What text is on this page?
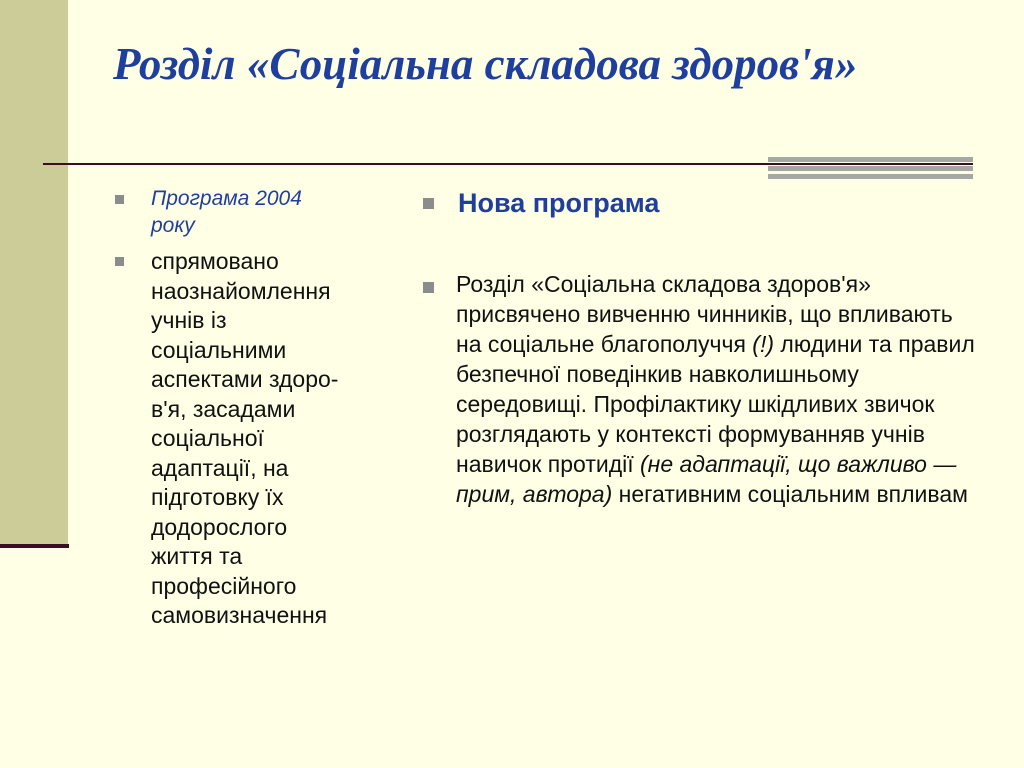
Розділ «Соціальна складова здоров'я»
Програма 2004 року
спрямовано
наознайомлення
учнів із
соціальними
аспектами здоро-
в'я, засадами
соціальної
адаптації, на
підготовку їх
додорослого
життя та
професійного
самовизначення
Нова програма
Розділ «Соціальна складова здоров'я» присвячено вивченню чинників, що впливають на соціальне благополуччя (!) людини та правил безпечної поведінкив навколишньому середовищі. Профілактику шкідливих звичок розглядають у контексті формуванняв учнів навичок протидії (не адаптації, що важливо — прим, автора) негативним соціальним впливам
